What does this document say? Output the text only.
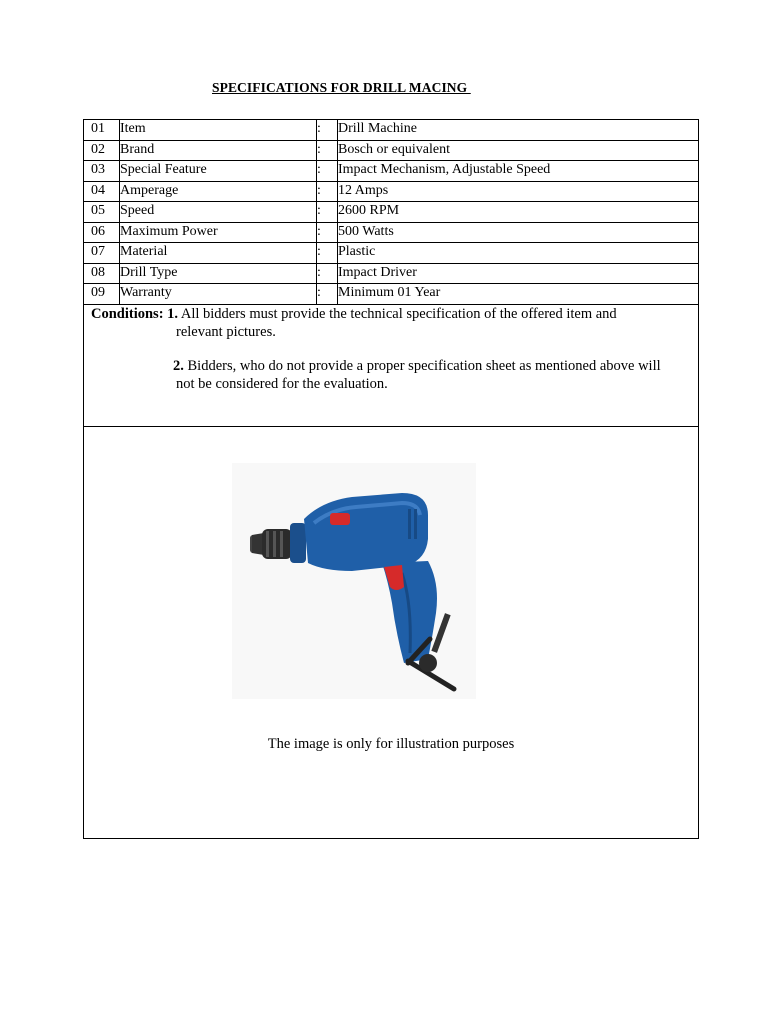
SPECIFICATIONS FOR DRILL MACING
01	Item	:	Drill Machine
02	Brand	:	Bosch or equivalent
03	Special Feature	:	Impact Mechanism, Adjustable Speed
04	Amperage	:	12 Amps
05	Speed	:	2600 RPM
06	Maximum Power	:	500 Watts
07	Material	:	Plastic
08	Drill Type	:	Impact Driver
09	Warranty	:	Minimum 01 Year
Conditions: 1. All bidders must provide the technical specification of the offered item and
relevant pictures.
2. Bidders, who do not provide a proper specification sheet as mentioned above will
not be considered for the evaluation.
The image is only for illustration purposes
